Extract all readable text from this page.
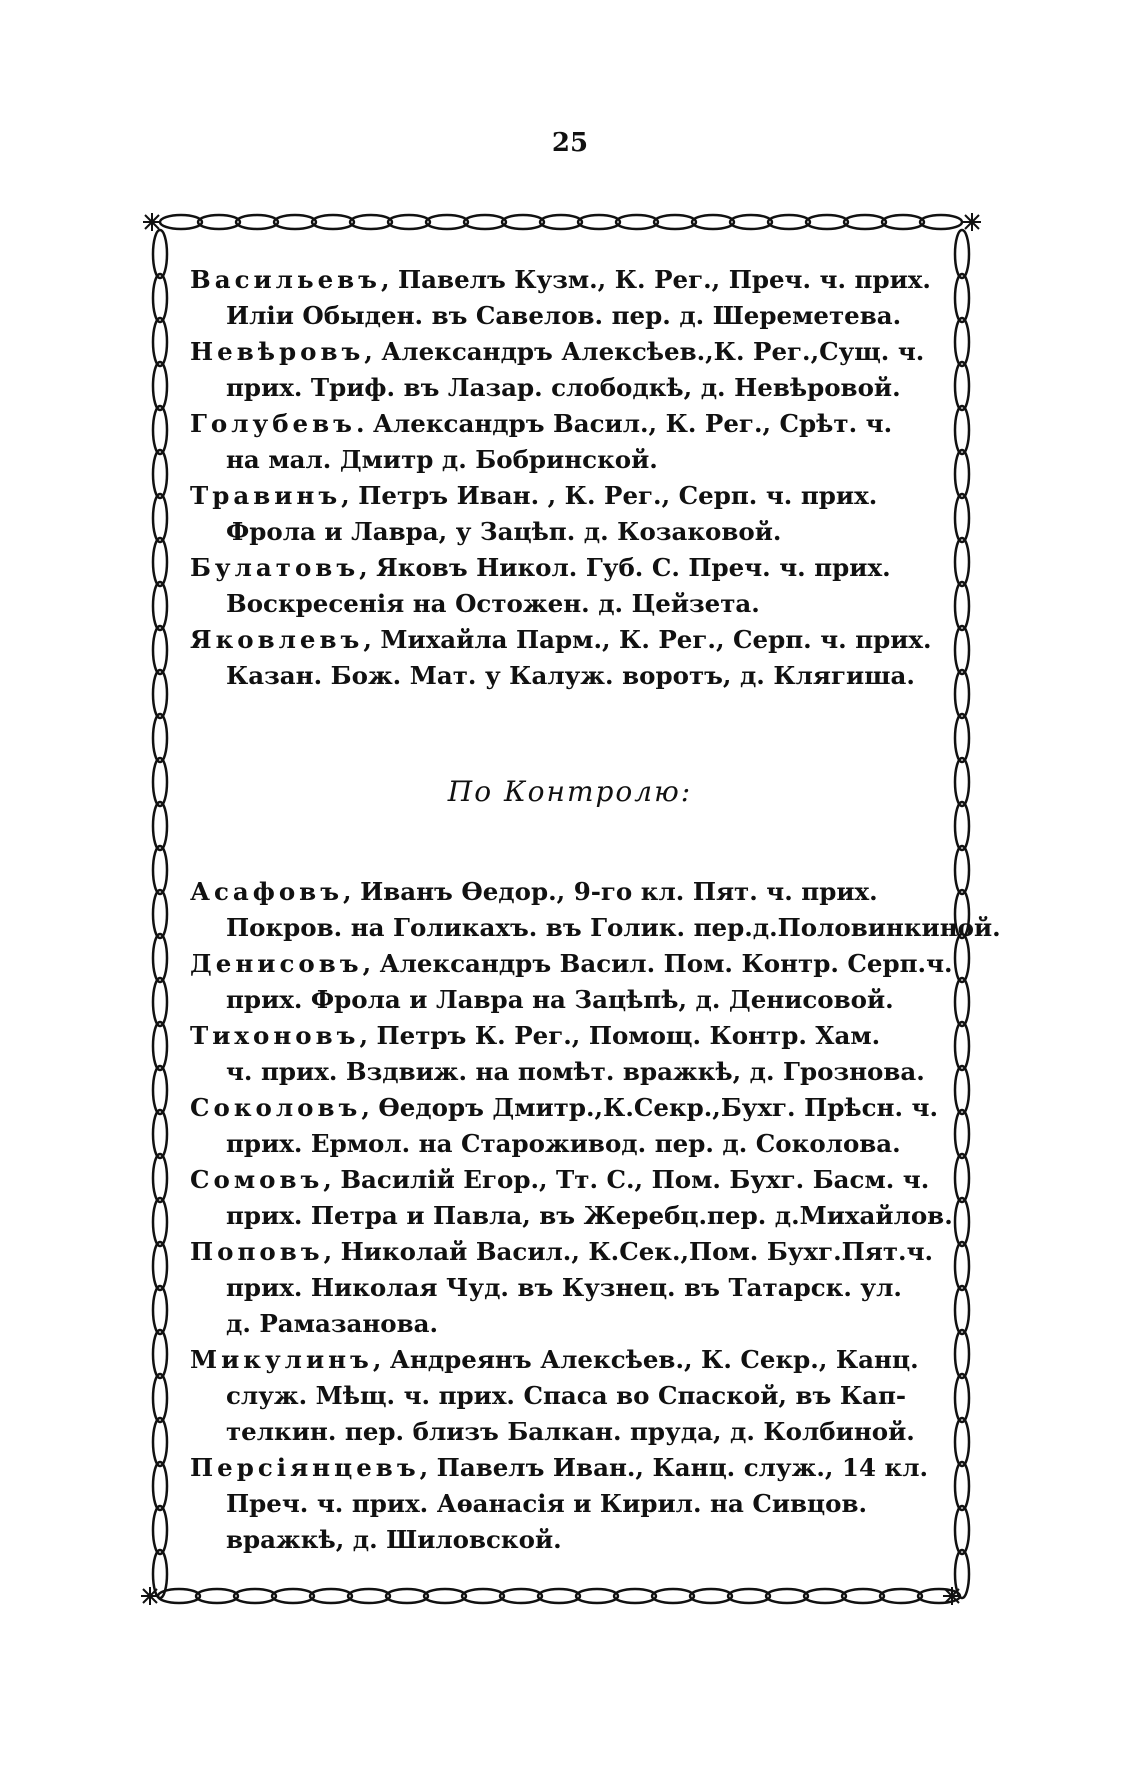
25
Васильевъ, Павелъ Кузм., К. Рег., Преч. ч. прих.
Иліи Обыден. въ Савелов. пер. д. Шереметева.
Невѣровъ, Александръ Алексѣев.,К. Рег.,Сущ. ч.
прих. Триф. въ Лазар. слободкѣ, д. Невѣровой.
Голубевъ. Александръ Васил., К. Рег., Срѣт. ч.
на мал. Дмитр д. Бобринской.
Травинъ, Петръ Иван. , К. Рег., Серп. ч. прих.
Фрола и Лавра, у Зацѣп. д. Козаковой.
Булатовъ, Яковъ Никол. Губ. С. Преч. ч. прих.
Воскресенія на Остожен. д. Цейзета.
Яковлевъ, Михайла Парм., К. Рег., Серп. ч. прих.
Казан. Бож. Мат. у Калуж. воротъ, д. Клягиша.
По Контролю:
Асафовъ, Иванъ Ѳедор., 9-го кл. Пят. ч. прих.
Покров. на Голикахъ. въ Голик. пер.д.Половинкиной.
Денисовъ, Александръ Васил. Пом. Контр. Серп.ч.
прих. Фрола и Лавра на Зацѣпѣ, д. Денисовой.
Тихоновъ, Петръ К. Рег., Помощ. Контр. Хам.
ч. прих. Вздвиж. на помѣт. вражкѣ, д. Грознова.
Соколовъ, Ѳедоръ Дмитр.,К.Секр.,Бухг. Прѣсн. ч.
прих. Ермол. на Староживод. пер. д. Соколова.
Сомовъ, Василій Егор., Тт. С., Пом. Бухг. Басм. ч.
прих. Петра и Павла, въ Жеребц.пер. д.Михайлов.
Поповъ, Николай Васил., К.Сек.,Пом. Бухг.Пят.ч.
прих. Николая Чуд. въ Кузнец. въ Татарск. ул.
д. Рамазанова.
Микулинъ, Андреянъ Алексѣев., К. Секр., Канц.
служ. Мѣщ. ч. прих. Спаса во Спаской, въ Кап-
телкин. пер. близъ Балкан. пруда, д. Колбиной.
Персіянцевъ, Павелъ Иван., Канц. служ., 14 кл.
Преч. ч. прих. Аѳанасія и Кирил. на Сивцов.
вражкѣ, д. Шиловской.
